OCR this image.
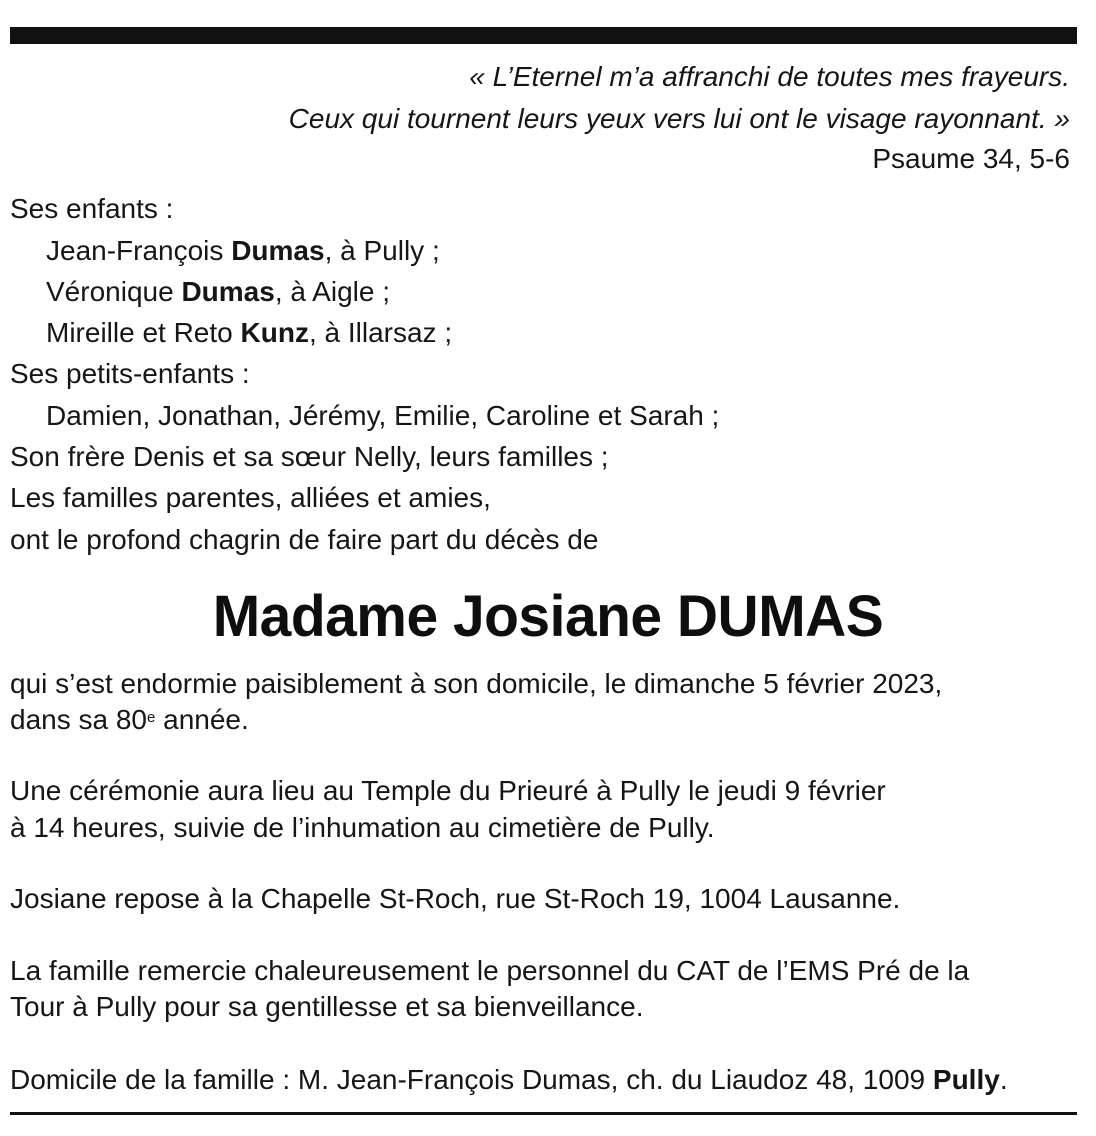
« L’Eternel m’a affranchi de toutes mes frayeurs.
Ceux qui tournent leurs yeux vers lui ont le visage rayonnant. »
Psaume 34, 5-6
Ses enfants :
Jean-François Dumas, à Pully ;
Véronique Dumas, à Aigle ;
Mireille et Reto Kunz, à Illarsaz ;
Ses petits-enfants :
Damien, Jonathan, Jérémy, Emilie, Caroline et Sarah ;
Son frère Denis et sa sœur Nelly, leurs familles ;
Les familles parentes, alliées et amies,
ont le profond chagrin de faire part du décès de
Madame Josiane DUMAS
qui s’est endormie paisiblement à son domicile, le dimanche 5 février 2023,
dans sa 80e année.
Une cérémonie aura lieu au Temple du Prieuré à Pully le jeudi 9 février
à 14 heures, suivie de l’inhumation au cimetière de Pully.
Josiane repose à la Chapelle St-Roch, rue St-Roch 19, 1004 Lausanne.
La famille remercie chaleureusement le personnel du CAT de l’EMS Pré de la
Tour à Pully pour sa gentillesse et sa bienveillance.
Domicile de la famille : M. Jean-François Dumas, ch. du Liaudoz 48, 1009 Pully.
